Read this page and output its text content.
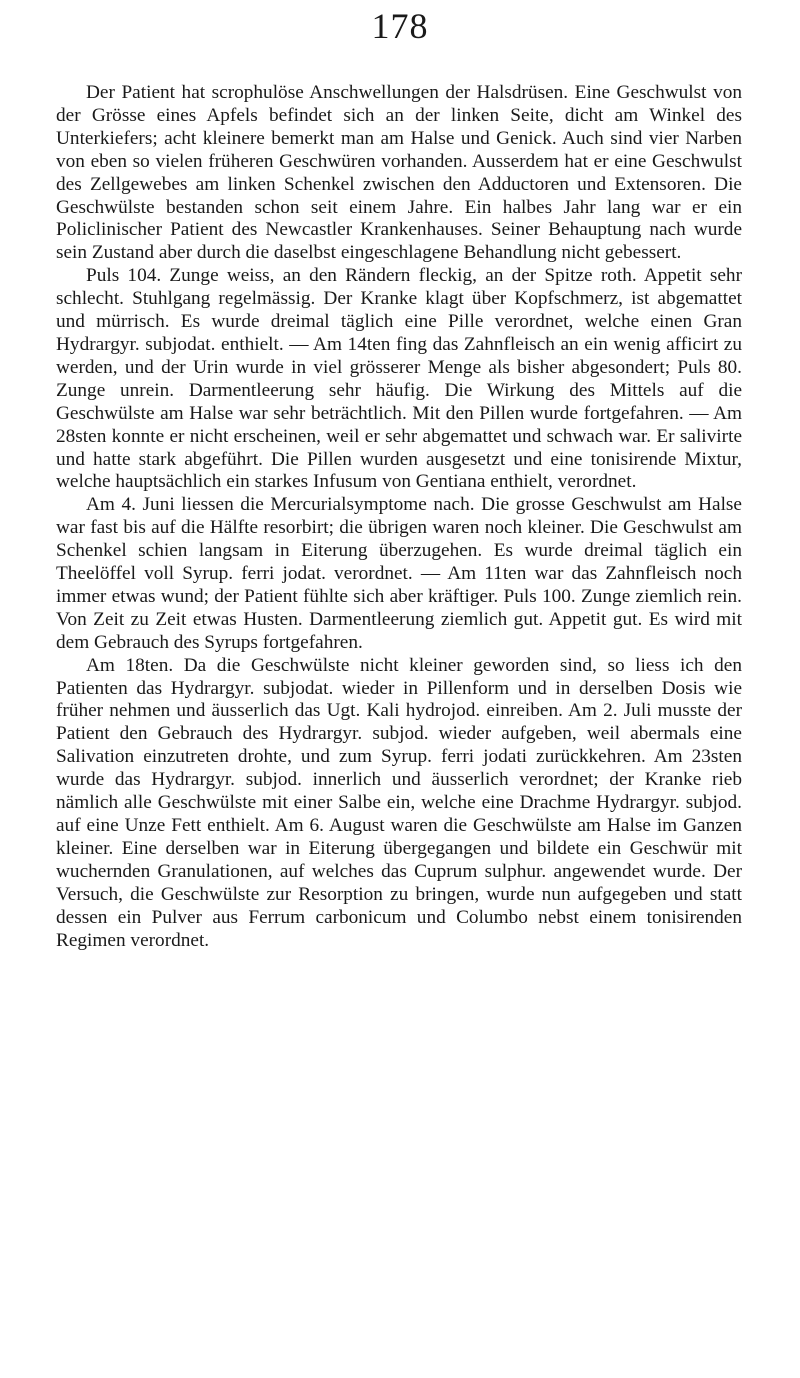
178

Der Patient hat scrophulöse Anschwellungen der Halsdrüsen. Eine Geschwulst von der Grösse eines Apfels befindet sich an der linken Seite, dicht am Winkel des Unterkiefers; acht kleinere bemerkt man am Halse und Genick. Auch sind vier Narben von eben so vielen früheren Geschwüren vorhanden. Ausserdem hat er eine Geschwulst des Zellgewebes am linken Schenkel zwischen den Adductoren und Extensoren. Die Geschwülste bestanden schon seit einem Jahre. Ein halbes Jahr lang war er ein Policlinischer Patient des Newcastler Krankenhauses. Seiner Behauptung nach wurde sein Zustand aber durch die daselbst eingeschlagene Behandlung nicht gebessert.

Puls 104. Zunge weiss, an den Rändern fleckig, an der Spitze roth. Appetit sehr schlecht. Stuhlgang regelmässig. Der Kranke klagt über Kopfschmerz, ist abgemattet und mürrisch. Es wurde dreimal täglich eine Pille verordnet, welche einen Gran Hydrargyr. subjodat. enthielt. — Am 14ten fing das Zahnfleisch an ein wenig afficirt zu werden, und der Urin wurde in viel grösserer Menge als bisher abgesondert; Puls 80. Zunge unrein. Darmentleerung sehr häufig. Die Wirkung des Mittels auf die Geschwülste am Halse war sehr beträchtlich. Mit den Pillen wurde fortgefahren. — Am 28sten konnte er nicht erscheinen, weil er sehr abgemattet und schwach war. Er salivirte und hatte stark abgeführt. Die Pillen wurden ausgesetzt und eine tonisirende Mixtur, welche hauptsächlich ein starkes Infusum von Gentiana enthielt, verordnet.

Am 4. Juni liessen die Mercurialsymptome nach. Die grosse Geschwulst am Halse war fast bis auf die Hälfte resorbirt; die übrigen waren noch kleiner. Die Geschwulst am Schenkel schien langsam in Eiterung überzugehen. Es wurde dreimal täglich ein Theelöffel voll Syrup. ferri jodat. verordnet. — Am 11ten war das Zahnfleisch noch immer etwas wund; der Patient fühlte sich aber kräftiger. Puls 100. Zunge ziemlich rein. Von Zeit zu Zeit etwas Husten. Darmentleerung ziemlich gut. Appetit gut. Es wird mit dem Gebrauch des Syrups fortgefahren.

Am 18ten. Da die Geschwülste nicht kleiner geworden sind, so liess ich den Patienten das Hydrargyr. subjodat. wieder in Pillenform und in derselben Dosis wie früher nehmen und äusserlich das Ugt. Kali hydrojod. einreiben. Am 2. Juli musste der Patient den Gebrauch des Hydrargyr. subjod. wieder aufgeben, weil abermals eine Salivation einzutreten drohte, und zum Syrup. ferri jodati zurückkehren. Am 23sten wurde das Hydrargyr. subjod. innerlich und äusserlich verordnet; der Kranke rieb nämlich alle Geschwülste mit einer Salbe ein, welche eine Drachme Hydrargyr. subjod. auf eine Unze Fett enthielt. Am 6. August waren die Geschwülste am Halse im Ganzen kleiner. Eine derselben war in Eiterung übergegangen und bildete ein Geschwür mit wuchernden Granulationen, auf welches das Cuprum sulphur. angewendet wurde. Der Versuch, die Geschwülste zur Resorption zu bringen, wurde nun aufgegeben und statt dessen ein Pulver aus Ferrum carbonicum und Columbo nebst einem tonisirenden Regimen verordnet.
